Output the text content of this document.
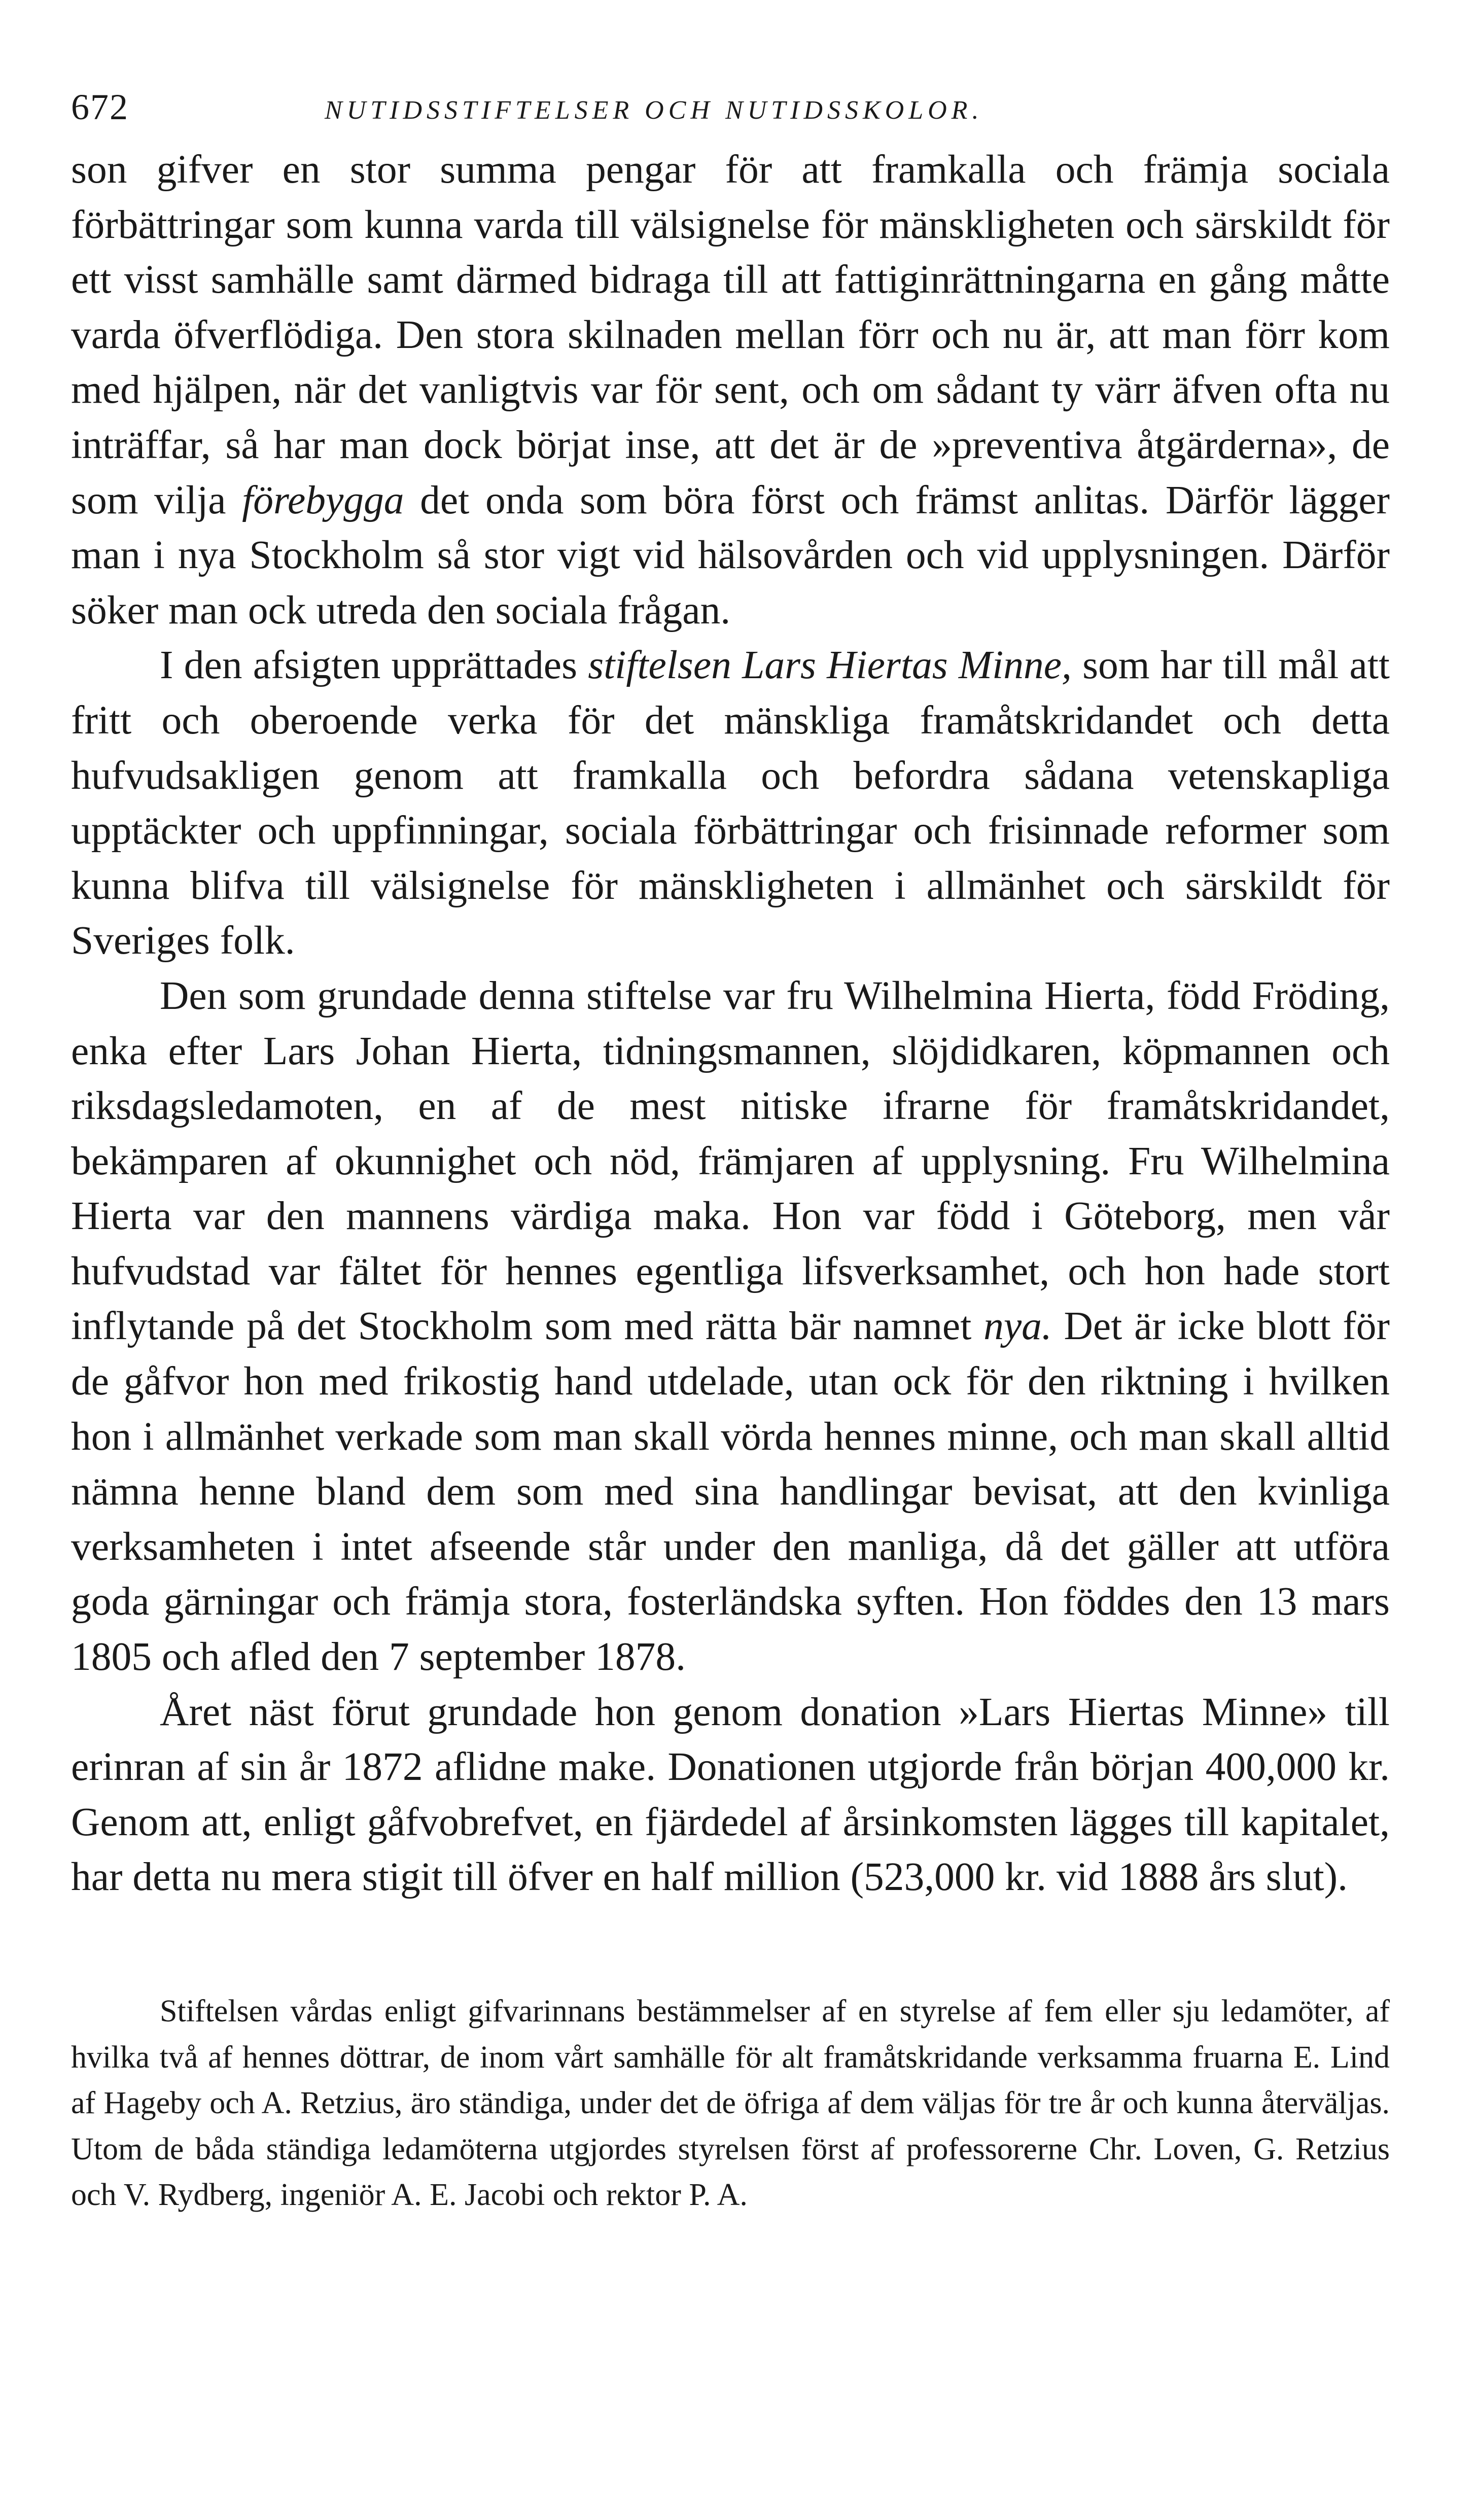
672	NUTIDSSTIFTELSER OCH NUTIDSSKOLOR.

son gifver en stor summa pengar för att framkalla och främja sociala förbättringar som kunna varda till välsignelse för mänskligheten och särskildt för ett visst samhälle samt därmed bidraga till att fattiginrättningarna en gång måtte varda öfverflödiga. Den stora skilnaden mellan förr och nu är, att man förr kom med hjälpen, när det vanligtvis var för sent, och om sådant ty värr äfven ofta nu inträffar, så har man dock börjat inse, att det är de »preventiva åtgärderna», de som vilja förebygga det onda som böra först och främst anlitas. Därför lägger man i nya Stockholm så stor vigt vid hälsovården och vid upplysningen. Därför söker man ock utreda den sociala frågan.

I den afsigten upprättades stiftelsen Lars Hiertas Minne, som har till mål att fritt och oberoende verka för det mänskliga framåtskridandet och detta hufvudsakligen genom att framkalla och befordra sådana vetenskapliga upptäckter och uppfinningar, sociala förbättringar och frisinnade reformer som kunna blifva till välsignelse för mänskligheten i allmänhet och särskildt för Sveriges folk.

Den som grundade denna stiftelse var fru Wilhelmina Hierta, född Fröding, enka efter Lars Johan Hierta, tidningsmannen, slöjdidkaren, köpmannen och riksdagsledamoten, en af de mest nitiske ifrarne för framåtskridandet, bekämparen af okunnighet och nöd, främjaren af upplysning. Fru Wilhelmina Hierta var den mannens värdiga maka. Hon var född i Göteborg, men vår hufvudstad var fältet för hennes egentliga lifsverksamhet, och hon hade stort inflytande på det Stockholm som med rätta bär namnet nya. Det är icke blott för de gåfvor hon med frikostig hand utdelade, utan ock för den riktning i hvilken hon i allmänhet verkade som man skall vörda hennes minne, och man skall alltid nämna henne bland dem som med sina handlingar bevisat, att den kvinliga verksamheten i intet afseende står under den manliga, då det gäller att utföra goda gärningar och främja stora, fosterländska syften. Hon föddes den 13 mars 1805 och afled den 7 september 1878.

Året näst förut grundade hon genom donation »Lars Hiertas Minne» till erinran af sin år 1872 aflidne make. Donationen utgjorde från början 400,000 kr. Genom att, enligt gåfvobrefvet, en fjärdedel af årsinkomsten lägges till kapitalet, har detta nu mera stigit till öfver en half million (523,000 kr. vid 1888 års slut).

Stiftelsen vårdas enligt gifvarinnans bestämmelser af en styrelse af fem eller sju ledamöter, af hvilka två af hennes döttrar, de inom vårt samhälle för alt framåtskridande verksamma fruarna E. Lind af Hageby och A. Retzius, äro ständiga, under det de öfriga af dem väljas för tre år och kunna återväljas. Utom de båda ständiga ledamöterna utgjordes styrelsen först af professorerne Chr. Loven, G. Retzius och V. Rydberg, ingeniör A. E. Jacobi och rektor P. A.
